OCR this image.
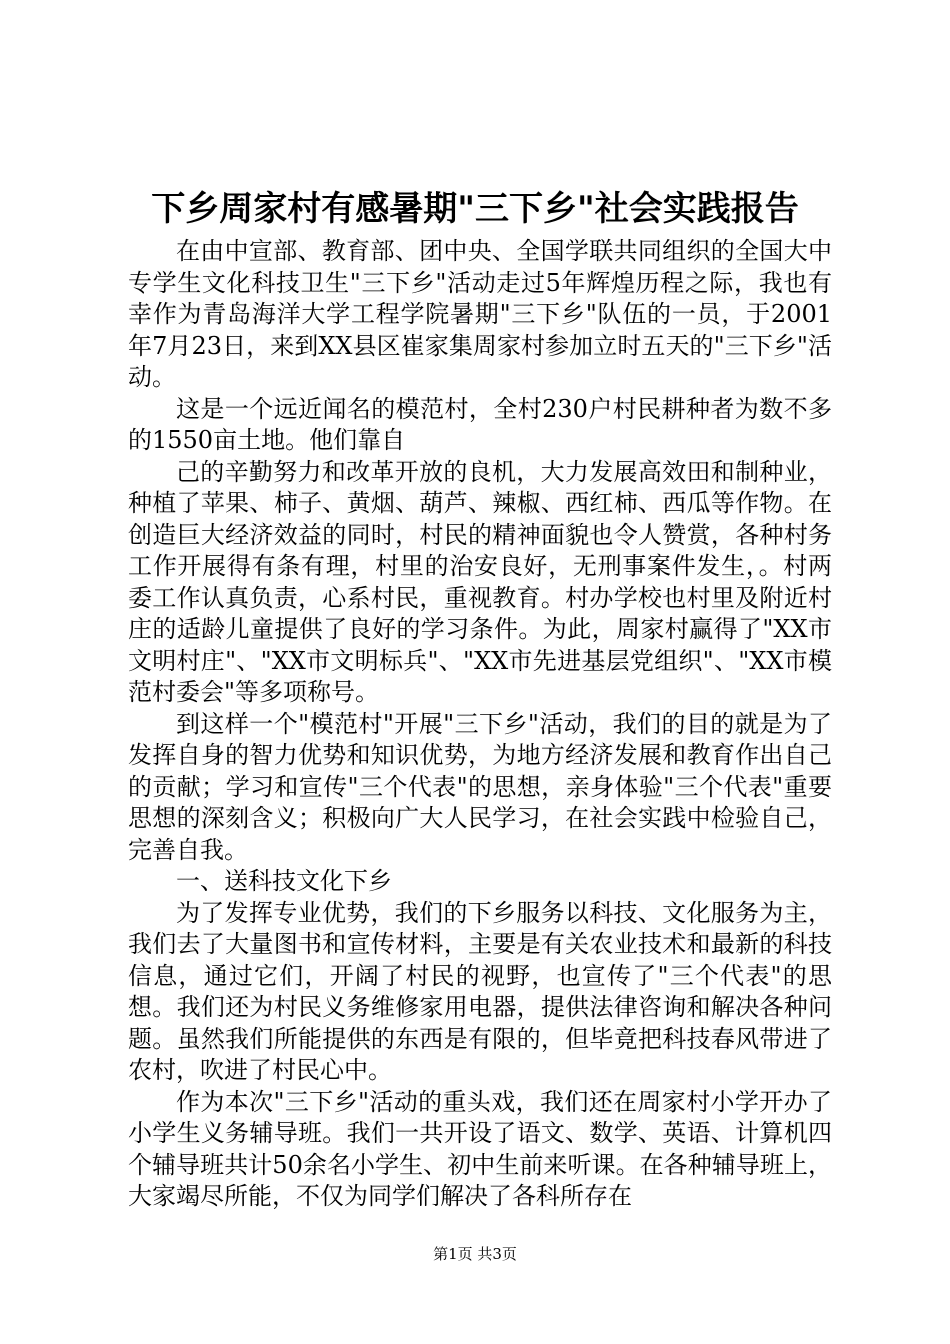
下乡周家村有感暑期"三下乡"社会实践报告

在由中宣部、教育部、团中央、全国学联共同组织的全国大中专学生文化科技卫生"三下乡"活动走过5年辉煌历程之际，我也有幸作为青岛海洋大学工程学院暑期"三下乡"队伍的一员，于2001年7月23日，来到XX县区崔家集周家村参加立时五天的"三下乡"活动。

这是一个远近闻名的模范村，全村230户村民耕种者为数不多的1550亩土地。他们靠自

己的辛勤努力和改革开放的良机，大力发展高效田和制种业，种植了苹果、柿子、黄烟、葫芦、辣椒、西红柿、西瓜等作物。在创造巨大经济效益的同时，村民的精神面貌也令人赞赏，各种村务工作开展得有条有理，村里的治安良好，无刑事案件发生，。村两委工作认真负责，心系村民，重视教育。村办学校也村里及附近村庄的适龄儿童提供了良好的学习条件。为此，周家村赢得了"XX市文明村庄"、"XX市文明标兵"、"XX市先进基层党组织"、"XX市模范村委会"等多项称号。

到这样一个"模范村"开展"三下乡"活动，我们的目的就是为了发挥自身的智力优势和知识优势，为地方经济发展和教育作出自己的贡献；学习和宣传"三个代表"的思想，亲身体验"三个代表"重要思想的深刻含义；积极向广大人民学习，在社会实践中检验自己，完善自我。

一、送科技文化下乡

为了发挥专业优势，我们的下乡服务以科技、文化服务为主，我们去了大量图书和宣传材料，主要是有关农业技术和最新的科技信息，通过它们，开阔了村民的视野，也宣传了"三个代表"的思想。我们还为村民义务维修家用电器，提供法律咨询和解决各种问题。虽然我们所能提供的东西是有限的，但毕竟把科技春风带进了农村，吹进了村民心中。

作为本次"三下乡"活动的重头戏，我们还在周家村小学开办了小学生义务辅导班。我们一共开设了语文、数学、英语、计算机四个辅导班共计50余名小学生、初中生前来听课。在各种辅导班上，大家竭尽所能，不仅为同学们解决了各科所存在

第1页 共3页
